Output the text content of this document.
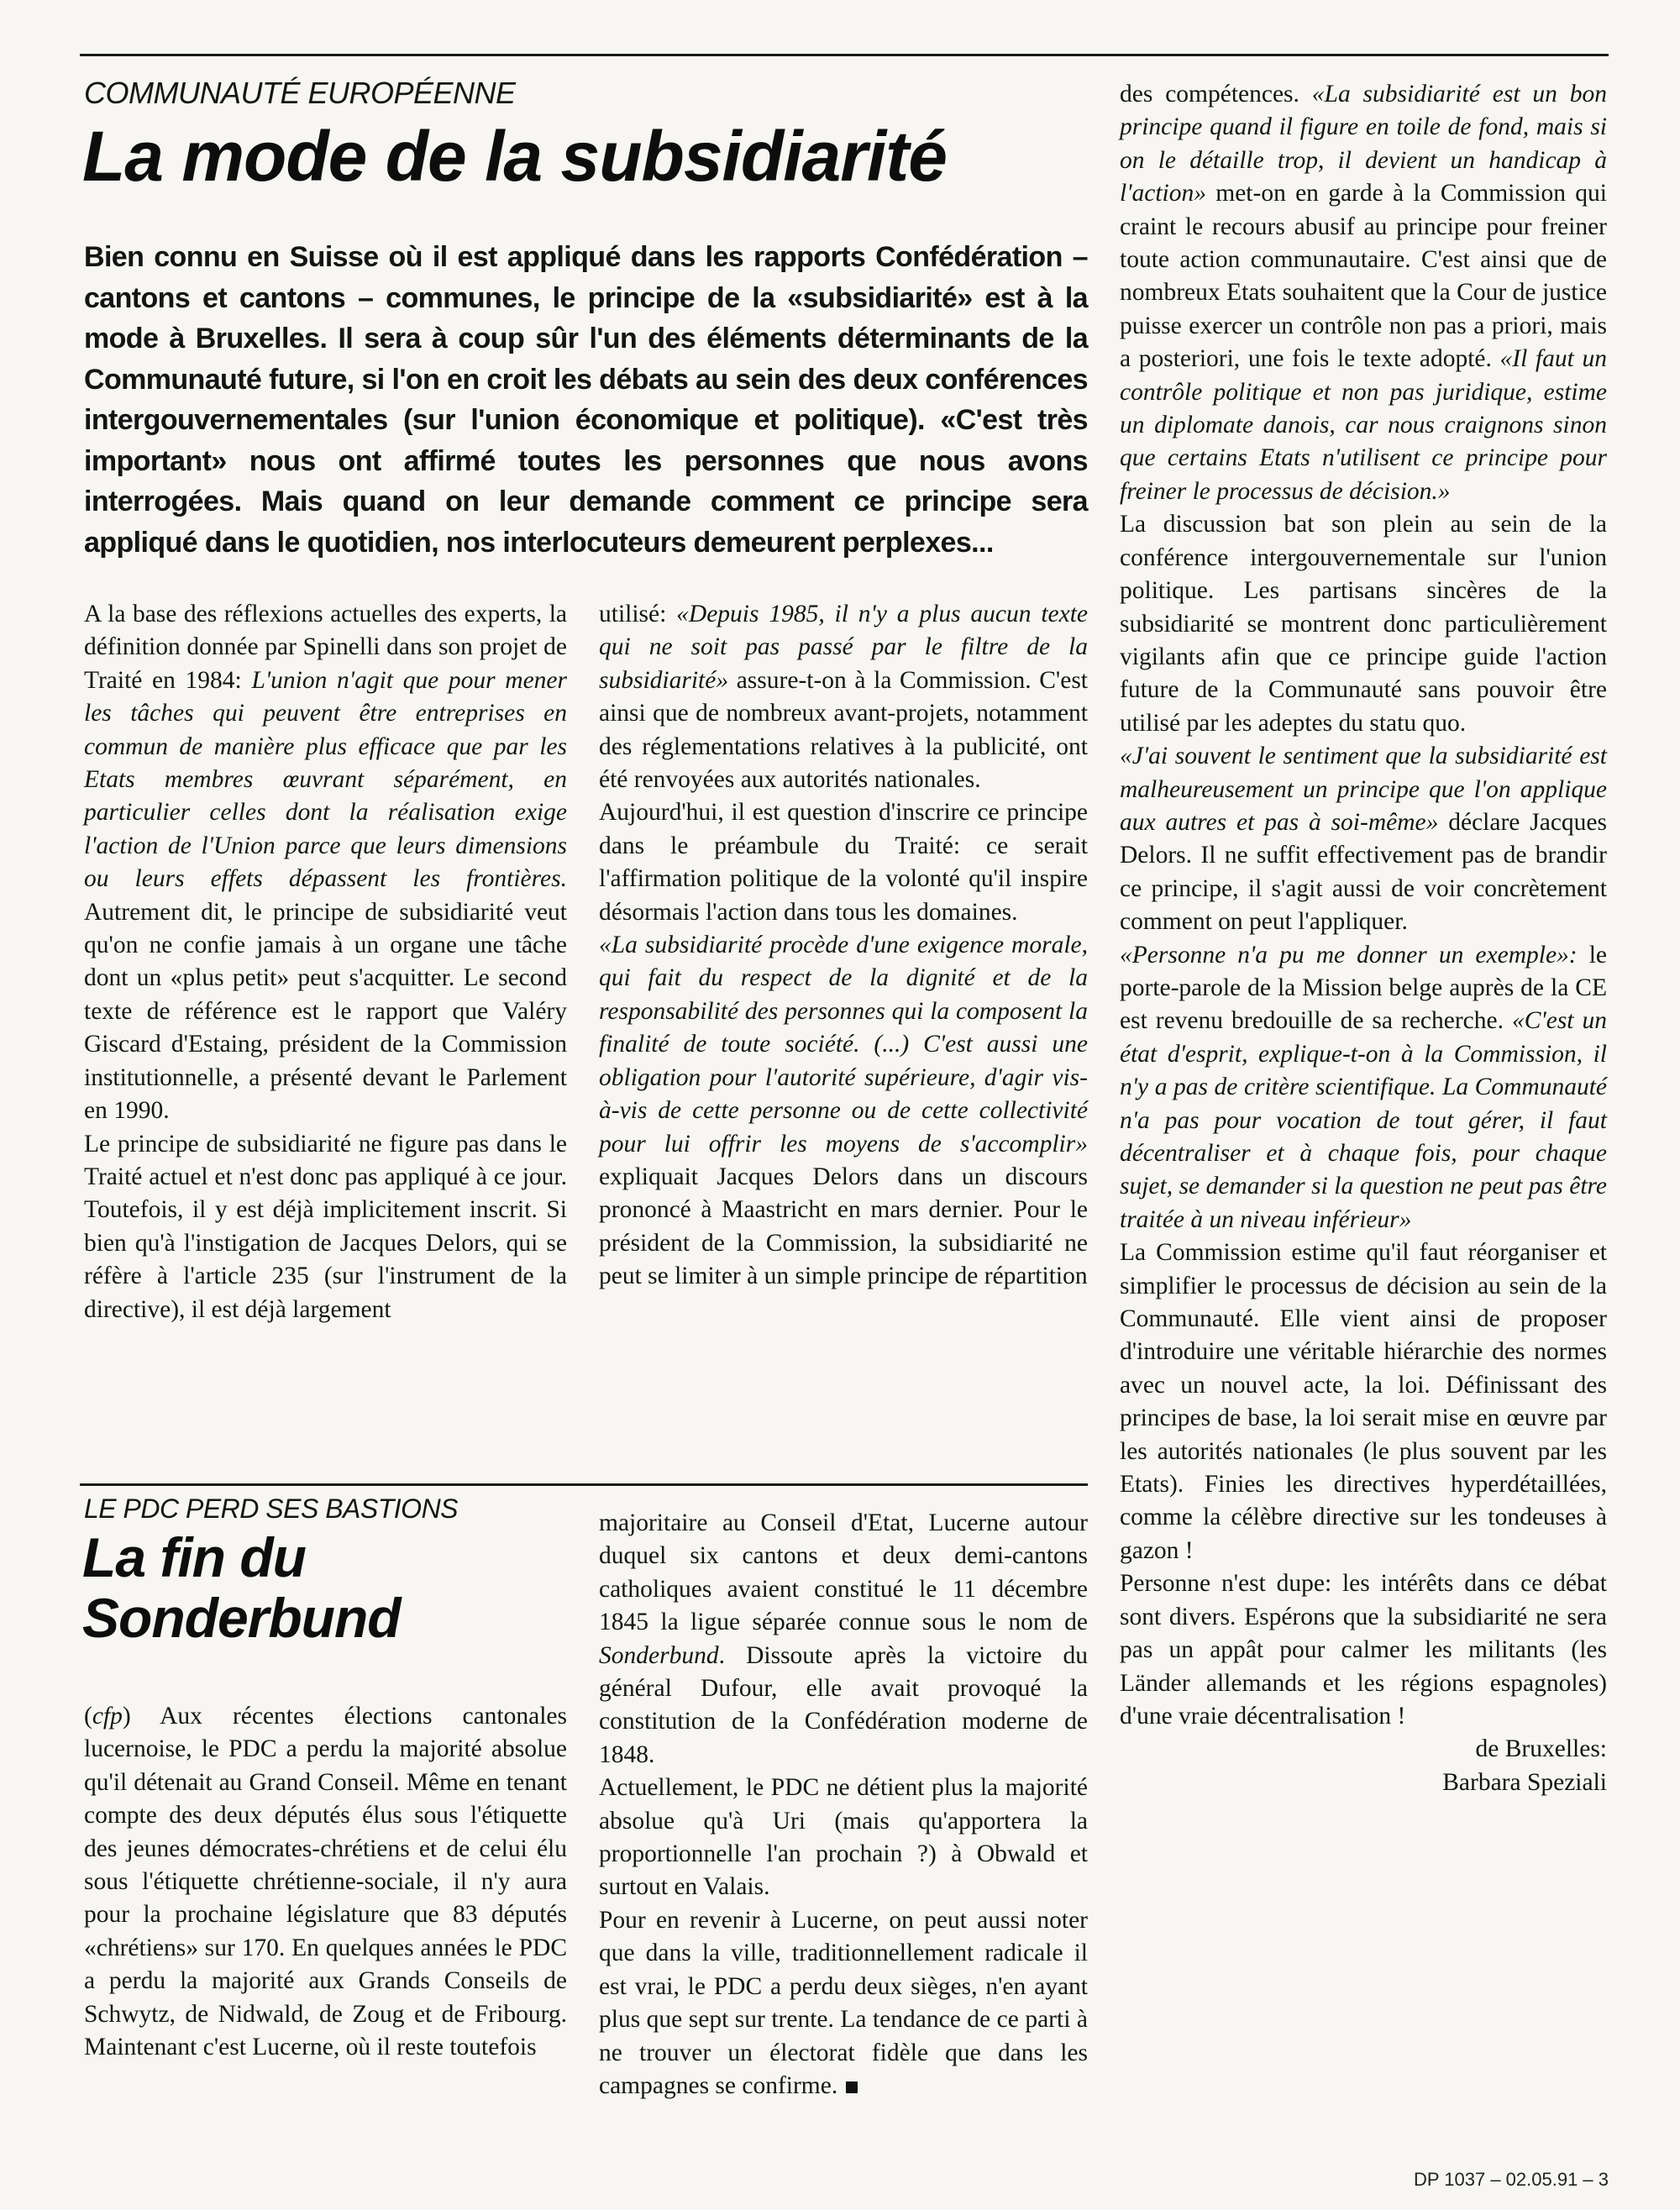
COMMUNAUTÉ EUROPÉENNE

La mode de la subsidiarité

Bien connu en Suisse où il est appliqué dans les rapports Confédération – cantons et cantons – communes, le principe de la «subsidiarité» est à la mode à Bruxelles. Il sera à coup sûr l'un des éléments déterminants de la Communauté future, si l'on en croit les débats au sein des deux conférences intergouvernementales (sur l'union économique et politique). «C'est très important» nous ont affirmé toutes les personnes que nous avons interrogées. Mais quand on leur demande comment ce principe sera appliqué dans le quotidien, nos interlocuteurs demeurent perplexes...

A la base des réflexions actuelles des experts, la définition donnée par Spinelli dans son projet de Traité en 1984: L'union n'agit que pour mener les tâches qui peuvent être entreprises en commun de manière plus efficace que par les Etats membres œuvrant séparément, en particulier celles dont la réalisation exige l'action de l'Union parce que leurs dimensions ou leurs effets dépassent les frontières. Autrement dit, le principe de subsidiarité veut qu'on ne confie jamais à un organe une tâche dont un «plus petit» peut s'acquitter. Le second texte de référence est le rapport que Valéry Giscard d'Estaing, président de la Commission institutionnelle, a présenté devant le Parlement en 1990.

Le principe de subsidiarité ne figure pas dans le Traité actuel et n'est donc pas appliqué à ce jour. Toutefois, il y est déjà implicitement inscrit. Si bien qu'à l'instigation de Jacques Delors, qui se réfère à l'article 235 (sur l'instrument de la directive), il est déjà largement

utilisé: «Depuis 1985, il n'y a plus aucun texte qui ne soit pas passé par le filtre de la subsidiarité» assure-t-on à la Commission. C'est ainsi que de nombreux avant-projets, notamment des réglementations relatives à la publicité, ont été renvoyées aux autorités nationales.

Aujourd'hui, il est question d'inscrire ce principe dans le préambule du Traité: ce serait l'affirmation politique de la volonté qu'il inspire désormais l'action dans tous les domaines.

«La subsidiarité procède d'une exigence morale, qui fait du respect de la dignité et de la responsabilité des personnes qui la composent la finalité de toute société. (...) C'est aussi une obligation pour l'autorité supérieure, d'agir vis-à-vis de cette personne ou de cette collectivité pour lui offrir les moyens de s'accomplir» expliquait Jacques Delors dans un discours prononcé à Maastricht en mars dernier. Pour le président de la Commission, la subsidiarité ne peut se limiter à un simple principe de répartition

des compétences. «La subsidiarité est un bon principe quand il figure en toile de fond, mais si on le détaille trop, il devient un handicap à l'action» met-on en garde à la Commission qui craint le recours abusif au principe pour freiner toute action communautaire. C'est ainsi que de nombreux Etats souhaitent que la Cour de justice puisse exercer un contrôle non pas a priori, mais a posteriori, une fois le texte adopté. «Il faut un contrôle politique et non pas juridique, estime un diplomate danois, car nous craignons sinon que certains Etats n'utilisent ce principe pour freiner le processus de décision.»

La discussion bat son plein au sein de la conférence intergouvernementale sur l'union politique. Les partisans sincères de la subsidiarité se montrent donc particulièrement vigilants afin que ce principe guide l'action future de la Communauté sans pouvoir être utilisé par les adeptes du statu quo.

«J'ai souvent le sentiment que la subsidiarité est malheureusement un principe que l'on applique aux autres et pas à soi-même» déclare Jacques Delors. Il ne suffit effectivement pas de brandir ce principe, il s'agit aussi de voir concrètement comment on peut l'appliquer.

«Personne n'a pu me donner un exemple»: le porte-parole de la Mission belge auprès de la CE est revenu bredouille de sa recherche. «C'est un état d'esprit, explique-t-on à la Commission, il n'y a pas de critère scientifique. La Communauté n'a pas pour vocation de tout gérer, il faut décentraliser et à chaque fois, pour chaque sujet, se demander si la question ne peut pas être traitée à un niveau inférieur»

La Commission estime qu'il faut réorganiser et simplifier le processus de décision au sein de la Communauté. Elle vient ainsi de proposer d'introduire une véritable hiérarchie des normes avec un nouvel acte, la loi. Définissant des principes de base, la loi serait mise en œuvre par les autorités nationales (le plus souvent par les Etats). Finies les directives hyperdétaillées, comme la célèbre directive sur les tondeuses à gazon !

Personne n'est dupe: les intérêts dans ce débat sont divers. Espérons que la subsidiarité ne sera pas un appât pour calmer les militants (les Länder allemands et les régions espagnoles) d'une vraie décentralisation !

de Bruxelles:

Barbara Speziali

LE PDC PERD SES BASTIONS

La fin du
Sonderbund

(cfp) Aux récentes élections cantonales lucernoise, le PDC a perdu la majorité absolue qu'il détenait au Grand Conseil. Même en tenant compte des deux députés élus sous l'étiquette des jeunes démocrates-chrétiens et de celui élu sous l'étiquette chrétienne-sociale, il n'y aura pour la prochaine législature que 83 députés «chrétiens» sur 170. En quelques années le PDC a perdu la majorité aux Grands Conseils de Schwytz, de Nidwald, de Zoug et de Fribourg. Maintenant c'est Lucerne, où il reste toutefois

majoritaire au Conseil d'Etat, Lucerne autour duquel six cantons et deux demi-cantons catholiques avaient constitué le 11 décembre 1845 la ligue séparée connue sous le nom de Sonderbund. Dissoute après la victoire du général Dufour, elle avait provoqué la constitution de la Confédération moderne de 1848.

Actuellement, le PDC ne détient plus la majorité absolue qu'à Uri (mais qu'apportera la proportionnelle l'an prochain ?) à Obwald et surtout en Valais.

Pour en revenir à Lucerne, on peut aussi noter que dans la ville, traditionnellement radicale il est vrai, le PDC a perdu deux sièges, n'en ayant plus que sept sur trente. La tendance de ce parti à ne trouver un électorat fidèle que dans les campagnes se confirme.

DP 1037 – 02.05.91 – 3
